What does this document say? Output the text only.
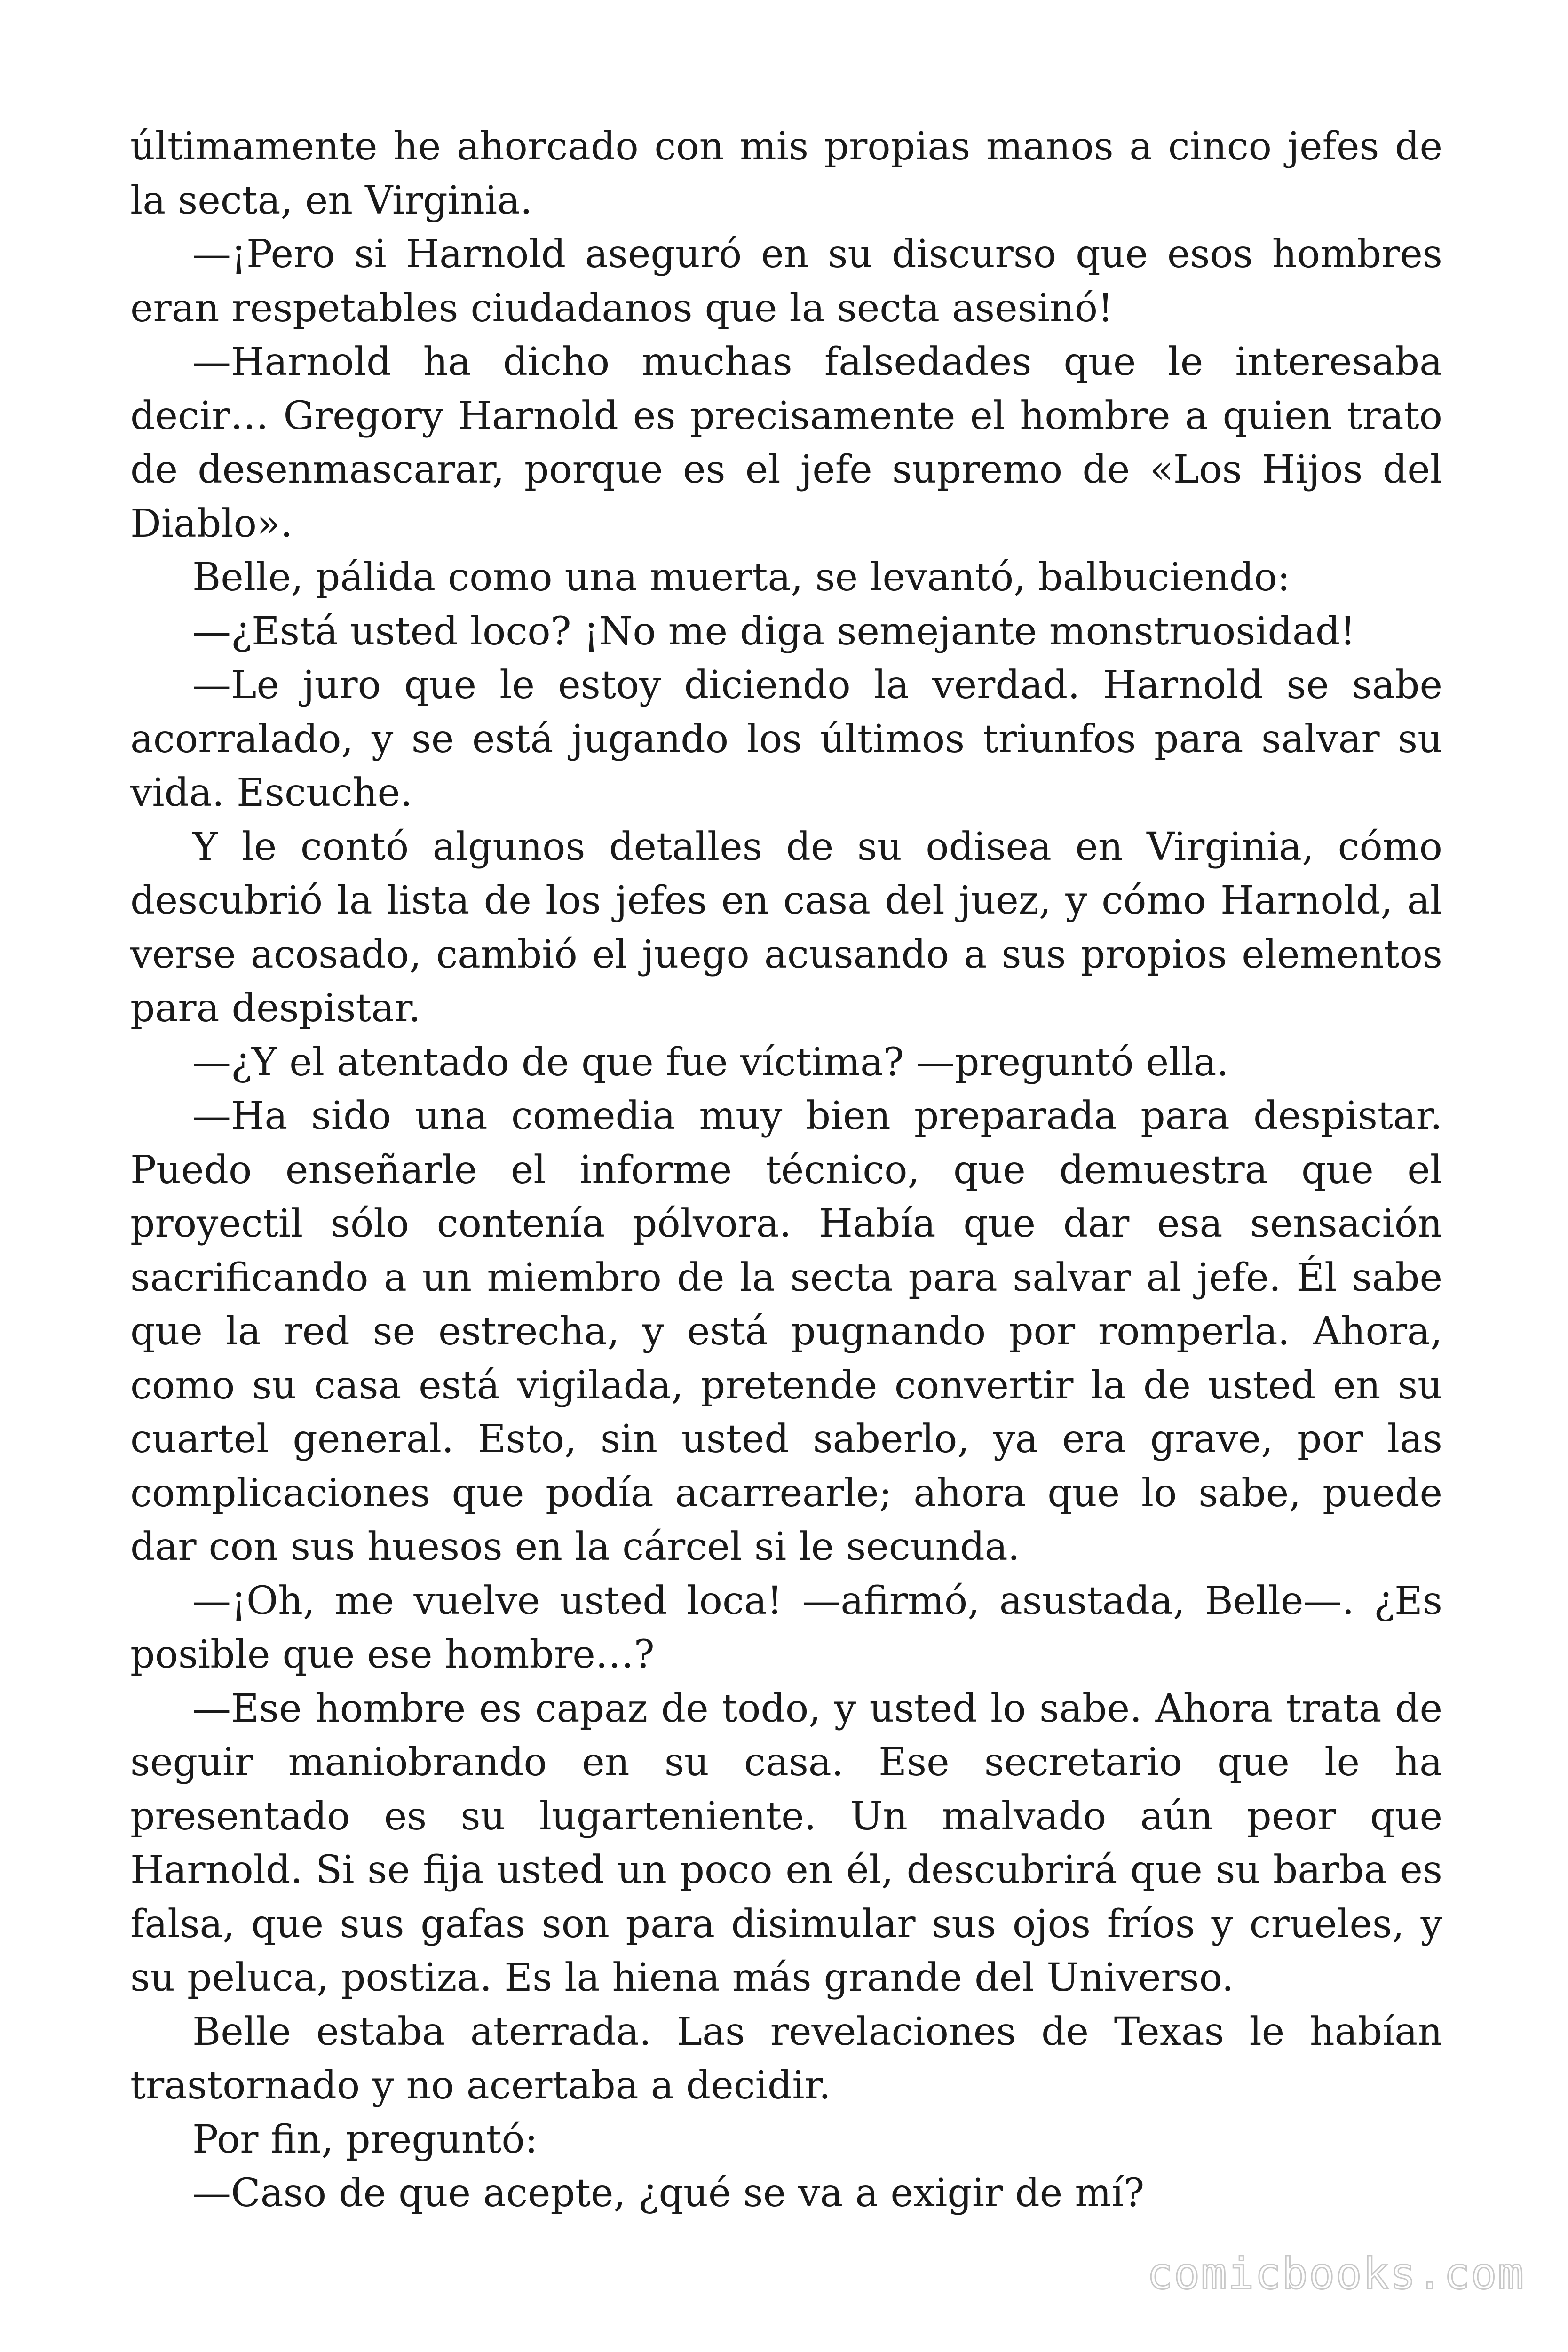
últimamente he ahorcado con mis propias manos a cinco jefes de la secta, en Virginia.

—¡Pero si Harnold aseguró en su discurso que esos hombres eran respetables ciudadanos que la secta asesinó!

—Harnold ha dicho muchas falsedades que le interesaba decir… Gregory Harnold es precisamente el hombre a quien trato de desenmascarar, porque es el jefe supremo de «Los Hijos del Diablo».

Belle, pálida como una muerta, se levantó, balbuciendo:

—¿Está usted loco? ¡No me diga semejante monstruosidad!

—Le juro que le estoy diciendo la verdad. Harnold se sabe acorralado, y se está jugando los últimos triunfos para salvar su vida. Escuche.

Y le contó algunos detalles de su odisea en Virginia, cómo descubrió la lista de los jefes en casa del juez, y cómo Harnold, al verse acosado, cambió el juego acusando a sus propios elementos para despistar.

—¿Y el atentado de que fue víctima? —preguntó ella.

—Ha sido una comedia muy bien preparada para despistar. Puedo enseñarle el informe técnico, que demuestra que el proyectil sólo contenía pólvora. Había que dar esa sensación sacrificando a un miembro de la secta para salvar al jefe. Él sabe que la red se estrecha, y está pugnando por romperla. Ahora, como su casa está vigilada, pretende convertir la de usted en su cuartel general. Esto, sin usted saberlo, ya era grave, por las complicaciones que podía acarrearle; ahora que lo sabe, puede dar con sus huesos en la cárcel si le secunda.

—¡Oh, me vuelve usted loca! —afirmó, asustada, Belle—. ¿Es posible que ese hombre…?

—Ese hombre es capaz de todo, y usted lo sabe. Ahora trata de seguir maniobrando en su casa. Ese secretario que le ha presentado es su lugarteniente. Un malvado aún peor que Harnold. Si se fija usted un poco en él, descubrirá que su barba es falsa, que sus gafas son para disimular sus ojos fríos y crueles, y su peluca, postiza. Es la hiena más grande del Universo.

Belle estaba aterrada. Las revelaciones de Texas le habían trastornado y no acertaba a decidir.

Por fin, preguntó:

—Caso de que acepte, ¿qué se va a exigir de mí?

comicbooks.com
